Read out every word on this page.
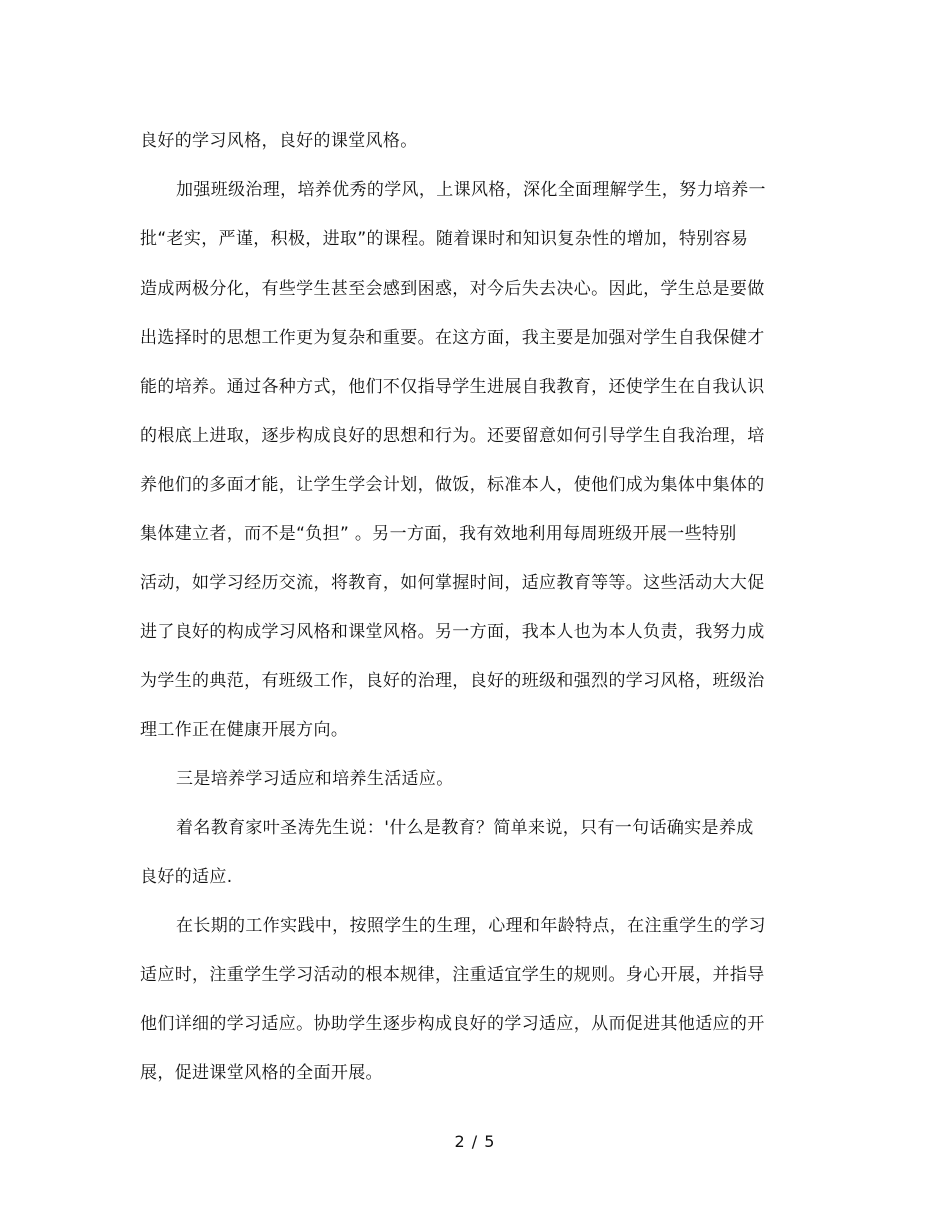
良好的学习风格，良好的课堂风格。
加强班级治理，培养优秀的学风，上课风格，深化全面理解学生，努力培养一
批“老实，严谨，积极，进取”的课程。随着课时和知识复杂性的增加，特别容易
造成两极分化，有些学生甚至会感到困惑，对今后失去决心。因此，学生总是要做
出选择时的思想工作更为复杂和重要。在这方面，我主要是加强对学生自我保健才
能的培养。通过各种方式，他们不仅指导学生进展自我教育，还使学生在自我认识
的根底上进取，逐步构成良好的思想和行为。还要留意如何引导学生自我治理，培
养他们的多面才能，让学生学会计划，做饭，标准本人，使他们成为集体中集体的
集体建立者，而不是“负担” 。另一方面，我有效地利用每周班级开展一些特别
活动，如学习经历交流，将教育，如何掌握时间，适应教育等等。这些活动大大促
进了良好的构成学习风格和课堂风格。另一方面，我本人也为本人负责，我努力成
为学生的典范，有班级工作，良好的治理，良好的班级和强烈的学习风格，班级治
理工作正在健康开展方向。
三是培养学习适应和培养生活适应。
着名教育家叶圣涛先生说：'什么是教育？简单来说，只有一句话确实是养成
良好的适应.
在长期的工作实践中，按照学生的生理，心理和年龄特点，在注重学生的学习
适应时，注重学生学习活动的根本规律，注重适宜学生的规则。身心开展，并指导
他们详细的学习适应。协助学生逐步构成良好的学习适应，从而促进其他适应的开
展，促进课堂风格的全面开展。
2 / 5
